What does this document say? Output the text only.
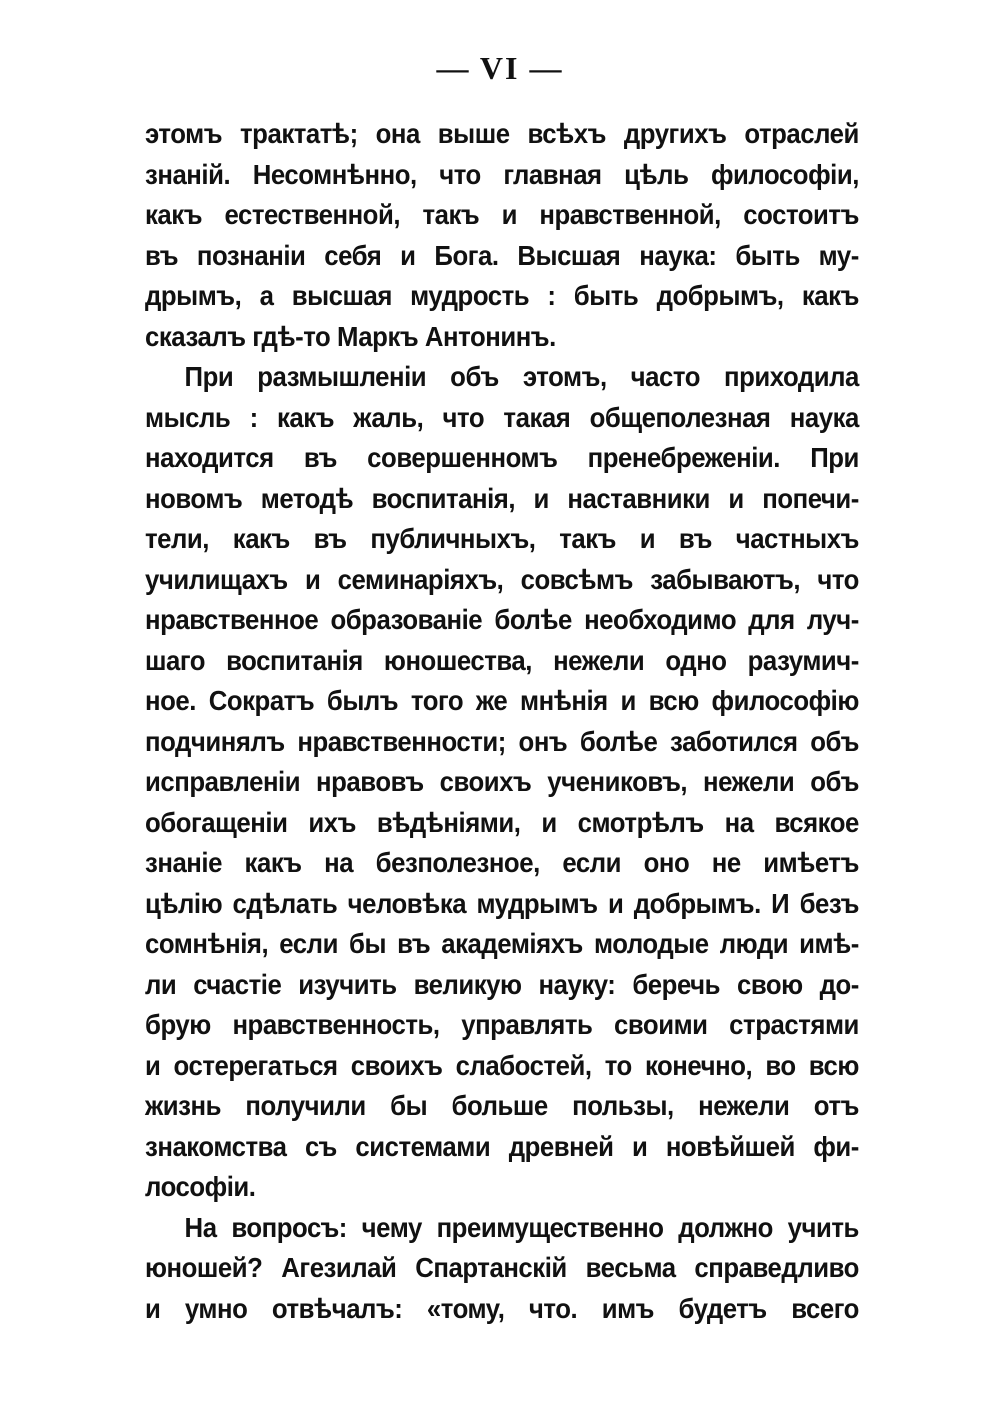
— VI —
этомъ трактатѣ; она выше всѣхъ другихъ отраслей
знаній. Несомнѣнно, что главная цѣль философіи,
какъ естественной, такъ и нравственной, состоитъ
въ познаніи себя и Бога. Высшая наука: быть му-
дрымъ, а высшая мудрость : быть добрымъ, какъ
сказалъ гдѣ-то Маркъ Антонинъ.
При размышленіи объ этомъ, часто приходила
мысль : какъ жаль, что такая общеполезная наука
находится въ совершенномъ пренебреженіи. При
новомъ методѣ воспитанія, и наставники и попечи-
тели, какъ въ публичныхъ, такъ и въ частныхъ
училищахъ и семинаріяхъ, совсѣмъ забываютъ, что
нравственное образованіе болѣе необходимо для луч-
шаго воспитанія юношества, нежели одно разумич-
ное. Сократъ былъ того же мнѣнія и всю философію
подчинялъ нравственности; онъ болѣе заботился объ
исправленіи нравовъ своихъ учениковъ, нежели объ
обогащеніи ихъ вѣдѣніями, и смотрѣлъ на всякое
знаніе какъ на безполезное, если оно не имѣетъ
цѣлію сдѣлать человѣка мудрымъ и добрымъ. И безъ
сомнѣнія, если бы въ академіяхъ молодые люди имѣ-
ли счастіе изучить великую науку: беречь свою до-
брую нравственность, управлять своими страстями
и остерегаться своихъ слабостей, то конечно, во всю
жизнь получили бы больше пользы, нежели отъ
знакомства съ системами древней и новѣйшей фи-
лософіи.
На вопросъ: чему преимущественно должно учить
юношей? Агезилай Спартанскій весьма справедливо
и умно отвѣчалъ: «тому, что. имъ будетъ всего
